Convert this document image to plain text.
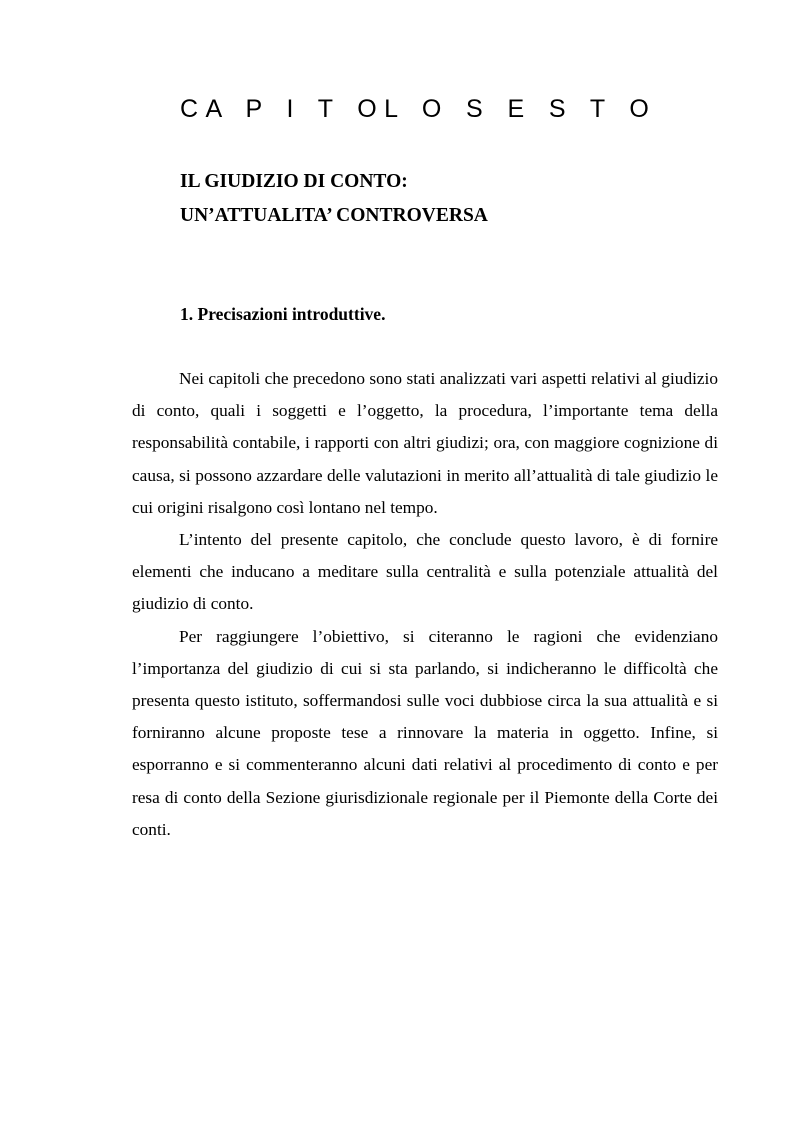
CA P I T OL O S E S T O
IL GIUDIZIO DI CONTO:
UN’ATTUALITA’ CONTROVERSA
1. Precisazioni introduttive.

Nei capitoli che precedono sono stati analizzati vari aspetti relativi al giudizio di conto, quali i soggetti e l’oggetto, la procedura, l’importante tema della responsabilità contabile, i rapporti con altri giudizi; ora, con maggiore cognizione di causa, si possono azzardare delle valutazioni in merito all’attualità di tale giudizio le cui origini risalgono così lontano nel tempo.

L’intento del presente capitolo, che conclude questo lavoro, è di fornire elementi che inducano a meditare sulla centralità e sulla potenziale attualità del giudizio di conto.

Per raggiungere l’obiettivo, si citeranno le ragioni che evidenziano l’importanza del giudizio di cui si sta parlando, si indicheranno le difficoltà che presenta questo istituto, soffermandosi sulle voci dubbiose circa la sua attualità e si forniranno alcune proposte tese a rinnovare la materia in oggetto. Infine, si esporranno e si commenteranno alcuni dati relativi al procedimento di conto e per resa di conto della Sezione giurisdizionale regionale per il Piemonte della Corte dei conti.
